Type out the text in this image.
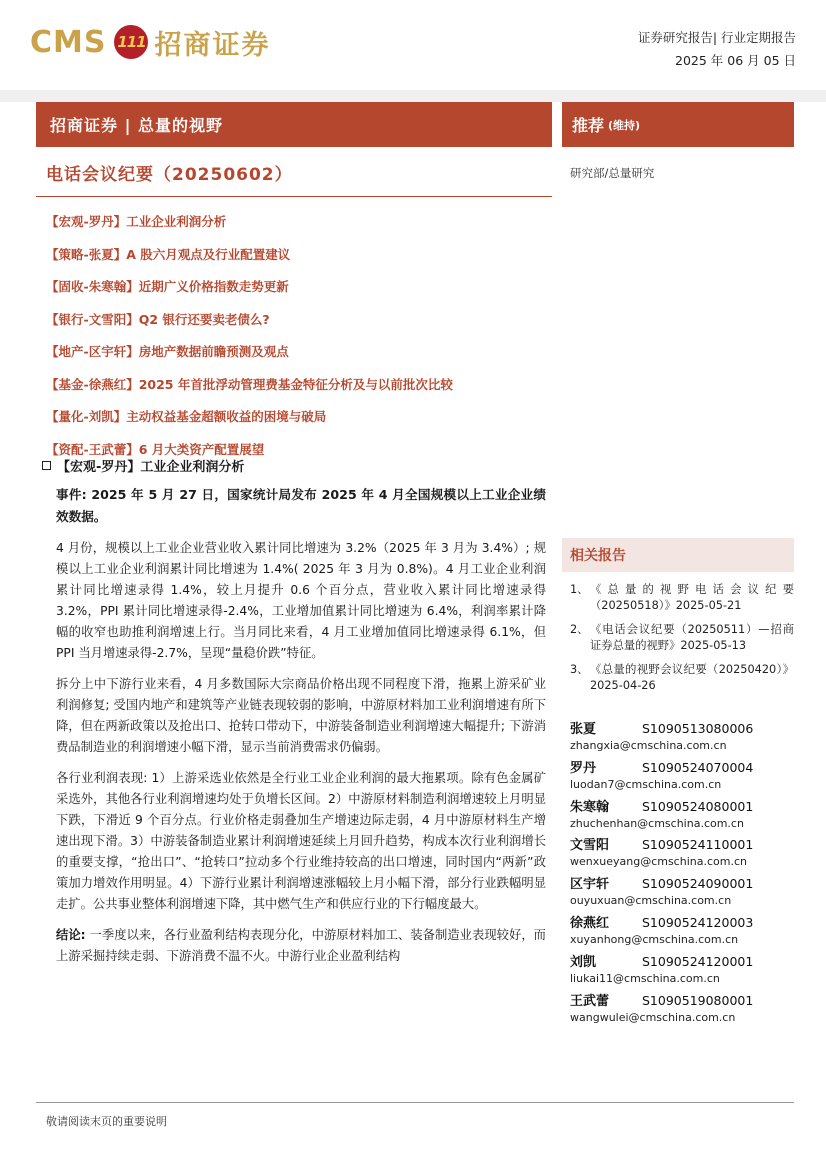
CMS 111 招商证券	证券研究报告| 行业定期报告
2025 年 06 月 05 日
招商证券 | 总量的视野	推荐 (维持)
电话会议纪要（20250602）	研究部/总量研究
【宏观-罗丹】工业企业利润分析
【策略-张夏】A 股六月观点及行业配置建议
【固收-朱寒翰】近期广义价格指数走势更新
【银行-文雪阳】Q2 银行还要卖老债么?
【地产-区宇轩】房地产数据前瞻预测及观点
【基金-徐燕红】2025 年首批浮动管理费基金特征分析及与以前批次比较
【量化-刘凯】主动权益基金超额收益的困境与破局
【资配-王武蕾】6 月大类资产配置展望
【宏观-罗丹】工业企业利润分析

事件: 2025 年 5 月 27 日，国家统计局发布 2025 年 4 月全国规模以上工业企业绩效数据。

4 月份，规模以上工业企业营业收入累计同比增速为 3.2%（2025 年 3 月为 3.4%）; 规模以上工业企业利润累计同比增速为 1.4%( 2025 年 3 月为 0.8%)。4 月工业企业利润累计同比增速录得 1.4%，较上月提升 0.6 个百分点，营业收入累计同比增速录得 3.2%，PPI 累计同比增速录得-2.4%，工业增加值累计同比增速为 6.4%，利润率累计降幅的收窄也助推利润增速上行。当月同比来看，4 月工业增加值同比增速录得 6.1%，但 PPI 当月增速录得-2.7%，呈现“量稳价跌”特征。

拆分上中下游行业来看，4 月多数国际大宗商品价格出现不同程度下滑，拖累上游采矿业利润修复; 受国内地产和建筑等产业链表现较弱的影响，中游原材料加工业利润增速有所下降，但在两新政策以及抢出口、抢转口带动下，中游装备制造业利润增速大幅提升; 下游消费品制造业的利润增速小幅下滑，显示当前消费需求仍偏弱。

各行业利润表现: 1）上游采选业依然是全行业工业企业利润的最大拖累项。除有色金属矿采选外，其他各行业利润增速均处于负增长区间。2）中游原材料制造利润增速较上月明显下跌，下滑近 9 个百分点。行业价格走弱叠加生产增速边际走弱，4 月中游原材料生产增速出现下滑。3）中游装备制造业累计利润增速延续上月回升趋势，构成本次行业利润增长的重要支撑，“抢出口”、“抢转口”拉动多个行业维持较高的出口增速，同时国内“两新”政策加力增效作用明显。4）下游行业累计利润增速涨幅较上月小幅下滑，部分行业跌幅明显走扩。公共事业整体利润增速下降，其中燃气生产和供应行业的下行幅度最大。

结论: 一季度以来，各行业盈利结构表现分化，中游原材料加工、装备制造业表现较好，而上游采掘持续走弱、下游消费不温不火。中游行业企业盈利结构

相关报告
1、 《总量的视野电话会议纪要（20250518）》2025-05-21
2、 《电话会议纪要（20250511）—招商证券总量的视野》2025-05-13
3、 《总量的视野会议纪要（20250420）》2025-04-26
张夏	S1090513080006
zhangxia@cmschina.com.cn
罗丹	S1090524070004
luodan7@cmschina.com.cn
朱寒翰	S1090524080001
zhuchenhan@cmschina.com.cn
文雪阳	S1090524110001
wenxueyang@cmschina.com.cn
区宇轩	S1090524090001
ouyuxuan@cmschina.com.cn
徐燕红	S1090524120003
xuyanhong@cmschina.com.cn
刘凯	S1090524120001
liukai11@cmschina.com.cn
王武蕾	S1090519080001
wangwulei@cmschina.com.cn
敬请阅读末页的重要说明
